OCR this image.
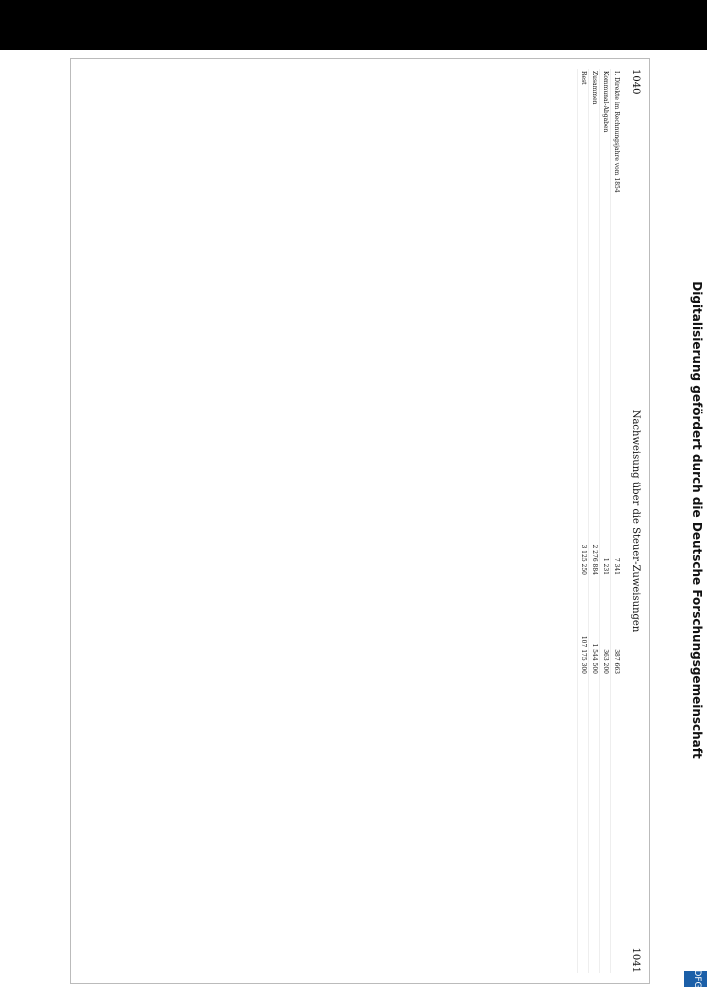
1040
Nachweisung über die Steuer-Zuweisungen
1041
I. Direkte im Rechnungsjahre vom 1854
7 341
387 663
Kommunal-Abgaben
1 231
363 200
Zusammen
2 276 884
1 544 500
Rest
3 125 250
107 175 300	Digitalisierung gefördert durch die Deutsche Forschungsgemeinschaft
DFG
